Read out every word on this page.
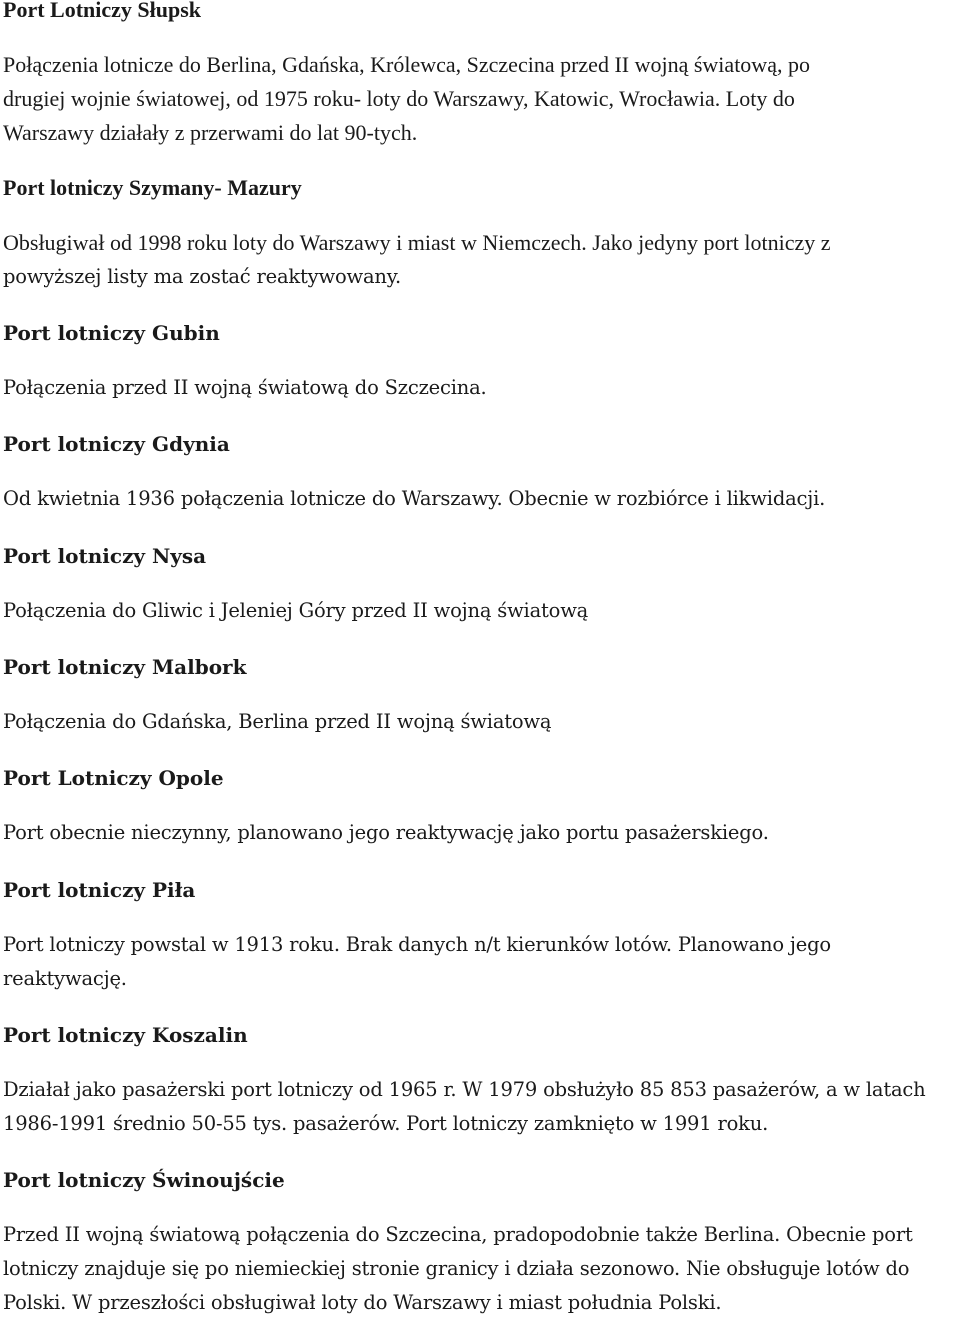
Port Lotniczy Słupsk
Połączenia lotnicze do Berlina, Gdańska, Królewca, Szczecina przed II wojną światową, po
drugiej wojnie światowej, od 1975 roku- loty do Warszawy, Katowic, Wrocławia. Loty do
Warszawy działały z przerwami do lat 90-tych.
Port lotniczy Szymany- Mazury
Obsługiwał od 1998 roku loty do Warszawy i miast w Niemczech. Jako jedyny port lotniczy z
powyższej listy ma zostać reaktywowany.
Port lotniczy Gubin
Połączenia przed II wojną światową do Szczecina.
Port lotniczy Gdynia
Od kwietnia 1936 połączenia lotnicze do Warszawy. Obecnie w rozbiórce i likwidacji.
Port lotniczy Nysa
Połączenia do Gliwic i Jeleniej Góry przed II wojną światową
Port lotniczy Malbork
Połączenia do Gdańska, Berlina przed II wojną światową
Port Lotniczy Opole
Port obecnie nieczynny, planowano jego reaktywację jako portu pasażerskiego.
Port lotniczy Piła
Port lotniczy powstal w 1913 roku. Brak danych n/t kierunków lotów. Planowano jego
reaktywację.
Port lotniczy Koszalin
Działał jako pasażerski port lotniczy od 1965 r. W 1979 obsłużyło 85 853 pasażerów, a w latach
1986-1991 średnio 50-55 tys. pasażerów. Port lotniczy zamknięto w 1991 roku.
Port lotniczy Świnoujście
Przed II wojną światową połączenia do Szczecina, pradopodobnie także Berlina. Obecnie port
lotniczy znajduje się po niemieckiej stronie granicy i działa sezonowo. Nie obsługuje lotów do
Polski. W przeszłości obsługiwał loty do Warszawy i miast południa Polski.
